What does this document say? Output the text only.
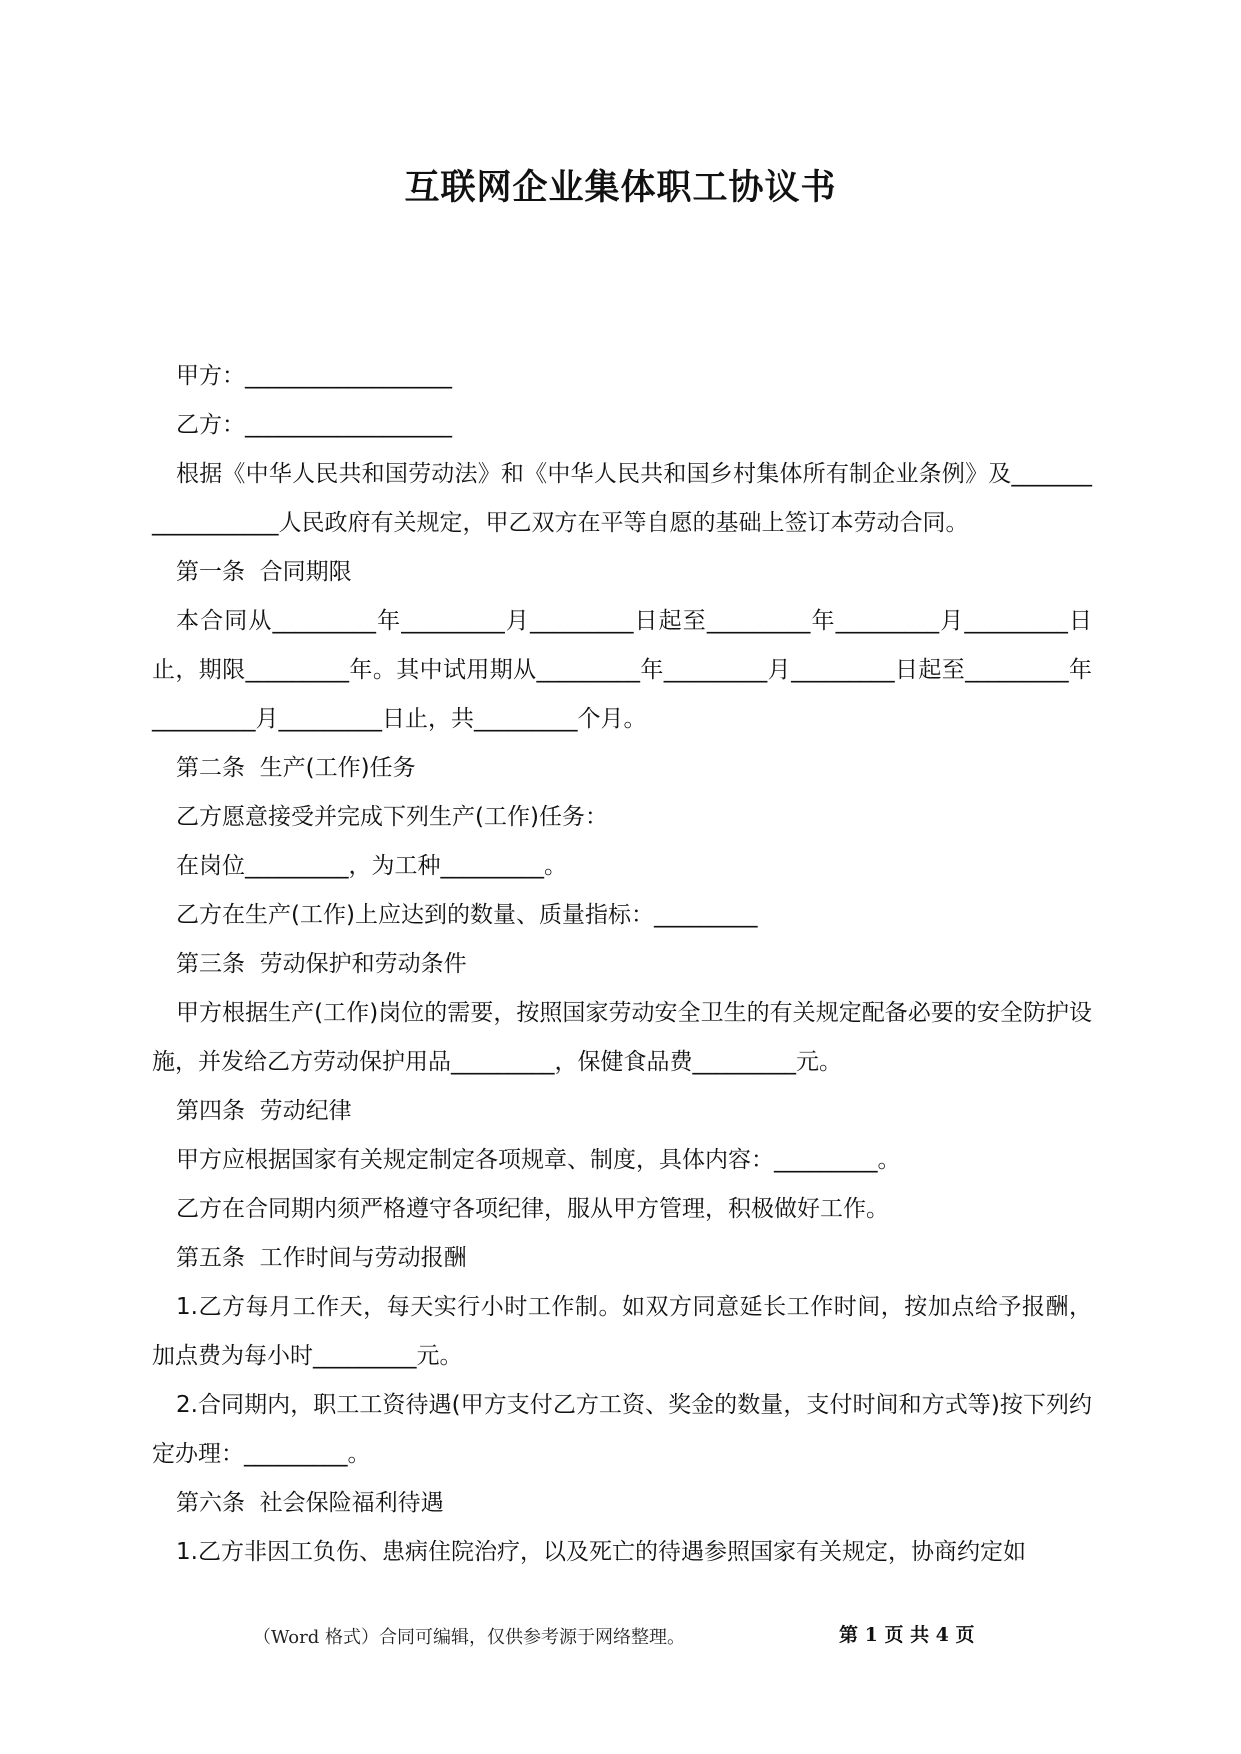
互联网企业集体职工协议书

甲方：__________________

乙方：__________________

根据《中华人民共和国劳动法》和《中华人民共和国乡村集体所有制企业条例》及__________________人民政府有关规定，甲乙双方在平等自愿的基础上签订本劳动合同。

第一条  合同期限

本合同从_________年_________月_________日起至_________年_________月_________日止，期限_________年。其中试用期从_________年_________月_________日起至_________年_________月_________日止，共_________个月。

第二条  生产(工作)任务

乙方愿意接受并完成下列生产(工作)任务：

在岗位_________，为工种_________。

乙方在生产(工作)上应达到的数量、质量指标：_________

第三条  劳动保护和劳动条件

甲方根据生产(工作)岗位的需要，按照国家劳动安全卫生的有关规定配备必要的安全防护设施，并发给乙方劳动保护用品_________，保健食品费_________元。

第四条  劳动纪律

甲方应根据国家有关规定制定各项规章、制度，具体内容：_________。

乙方在合同期内须严格遵守各项纪律，服从甲方管理，积极做好工作。

第五条  工作时间与劳动报酬

1.乙方每月工作天，每天实行小时工作制。如双方同意延长工作时间，按加点给予报酬，加点费为每小时_________元。

2.合同期内，职工工资待遇(甲方支付乙方工资、奖金的数量，支付时间和方式等)按下列约定办理：_________。

第六条  社会保险福利待遇

1.乙方非因工负伤、患病住院治疗，以及死亡的待遇参照国家有关规定，协商约定如

（Word 格式）合同可编辑，仅供参考源于网络整理。	第 1 页 共 4 页
